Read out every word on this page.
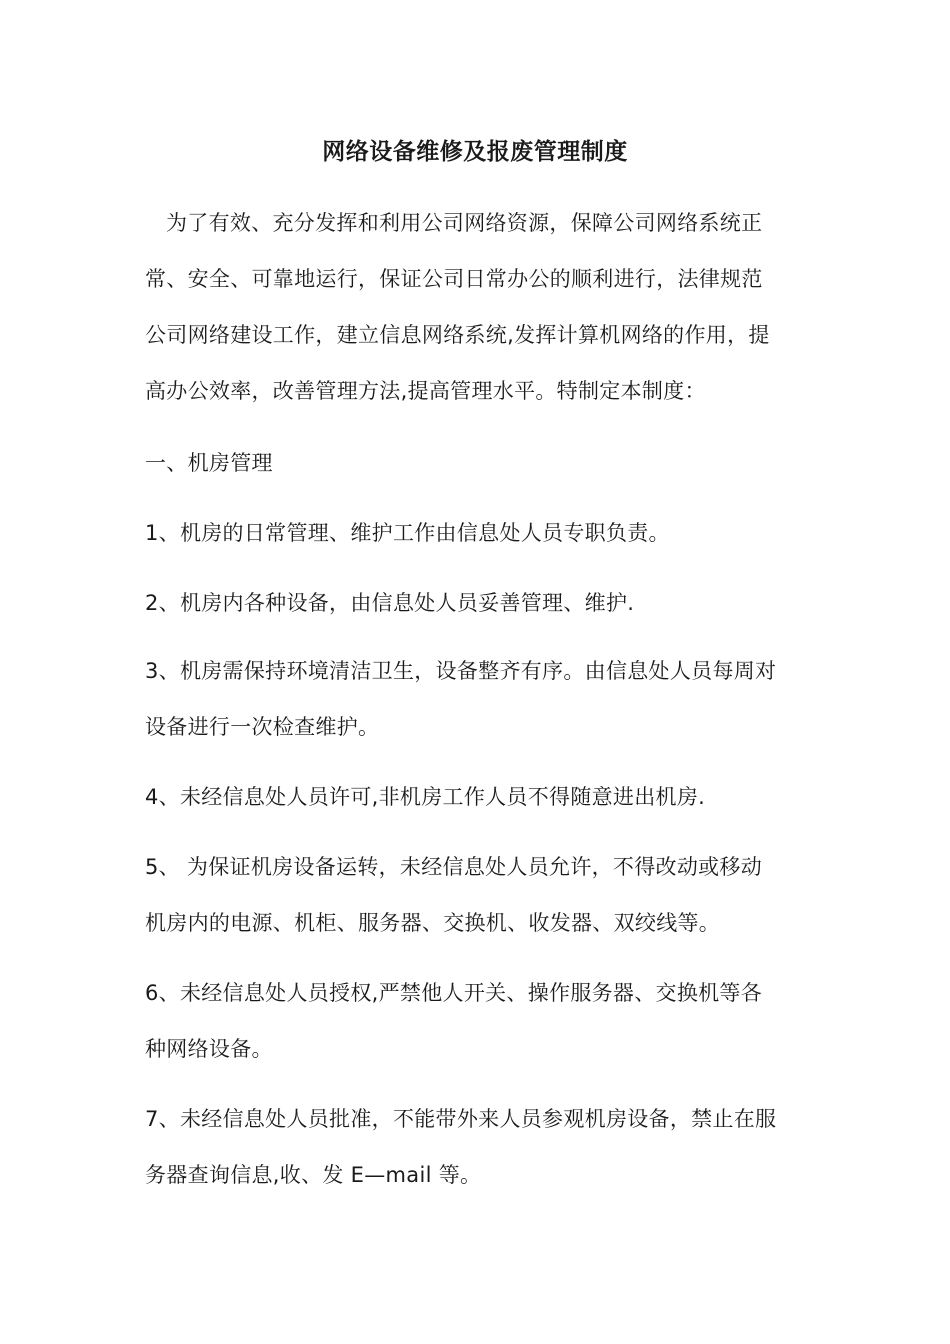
网络设备维修及报废管理制度
为了有效、充分发挥和利用公司网络资源，保障公司网络系统正
常、安全、可靠地运行，保证公司日常办公的顺利进行，法律规范
公司网络建设工作，建立信息网络系统,发挥计算机网络的作用，提
高办公效率，改善管理方法,提高管理水平。特制定本制度：
一、机房管理
1、机房的日常管理、维护工作由信息处人员专职负责。
2、机房内各种设备，由信息处人员妥善管理、维护.
3、机房需保持环境清洁卫生，设备整齐有序。由信息处人员每周对
设备进行一次检查维护。
4、未经信息处人员许可,非机房工作人员不得随意进出机房.
5、 为保证机房设备运转，未经信息处人员允许，不得改动或移动
机房内的电源、机柜、服务器、交换机、收发器、双绞线等。
6、未经信息处人员授权,严禁他人开关、操作服务器、交换机等各
种网络设备。
7、未经信息处人员批准，不能带外来人员参观机房设备，禁止在服
务器查询信息,收、发 E—mail 等。
